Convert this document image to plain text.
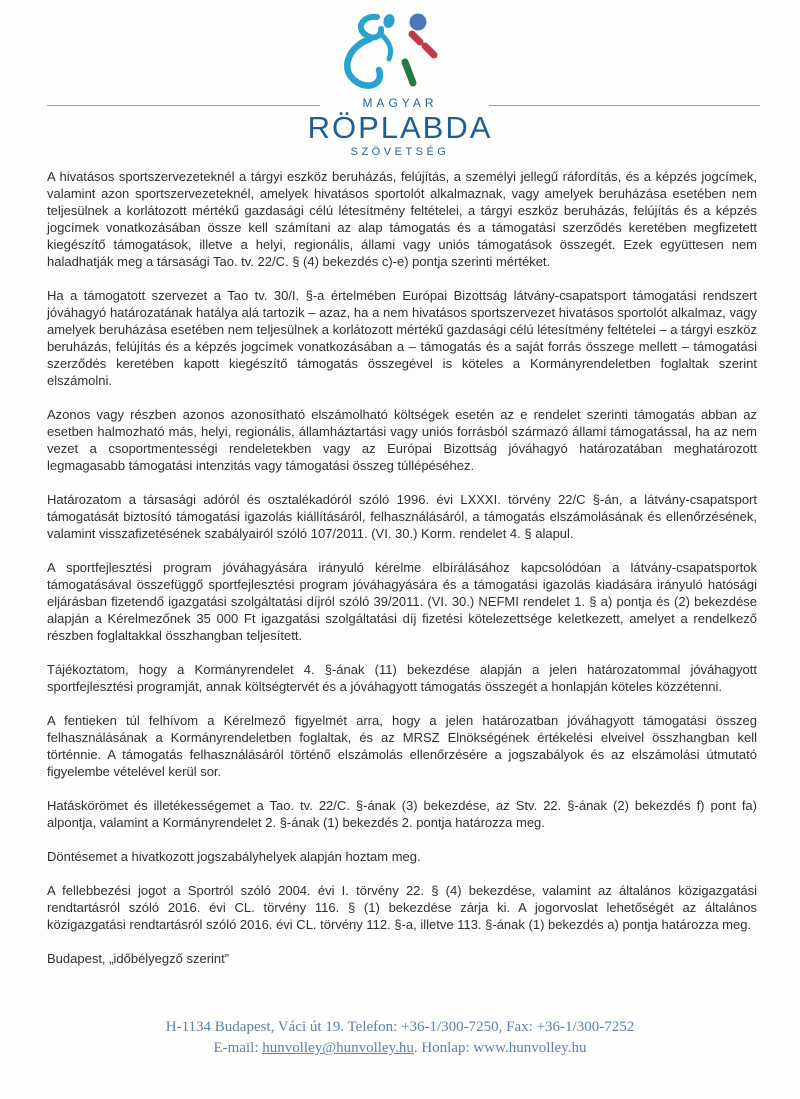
MAGYAR
RÖPLABDA
SZÖVETSÉG

A hivatásos sportszervezeteknél a tárgyi eszköz beruházás, felújítás, a személyi jellegű ráfordítás, és a képzés jogcímek, valamint azon sportszervezeteknél, amelyek hivatásos sportolót alkalmaznak, vagy amelyek beruházása esetében nem teljesülnek a korlátozott mértékű gazdasági célú létesítmény feltételei, a tárgyi eszköz beruházás, felújítás és a képzés jogcímek vonatkozásában össze kell számítani az alap támogatás és a támogatási szerződés keretében megfizetett kiegészítő támogatások, illetve a helyi, regionális, állami vagy uniós támogatások összegét. Ezek együttesen nem haladhatják meg a társasági Tao. tv. 22/C. § (4) bekezdés c)-e) pontja szerinti mértéket.

Ha a támogatott szervezet a Tao tv. 30/I. §-a értelmében Európai Bizottság látvány-csapatsport támogatási rendszert jóváhagyó határozatának hatálya alá tartozik – azaz, ha a nem hivatásos sportszervezet hivatásos sportolót alkalmaz, vagy amelyek beruházása esetében nem teljesülnek a korlátozott mértékű gazdasági célú létesítmény feltételei – a tárgyi eszköz beruházás, felújítás és a képzés jogcímek vonatkozásában a – támogatás és a saját forrás összege mellett – támogatási szerződés keretében kapott kiegészítő támogatás összegével is köteles a Kormányrendeletben foglaltak szerint elszámolni.

Azonos vagy részben azonos azonosítható elszámolható költségek esetén az e rendelet szerinti támogatás abban az esetben halmozható más, helyi, regionális, államháztartási vagy uniós forrásból származó állami támogatással, ha az nem vezet a csoportmentességi rendeletekben vagy az Európai Bizottság jóváhagyó határozatában meghatározott legmagasabb támogatási intenzitás vagy támogatási összeg túllépéséhez.

Határozatom a társasági adóról és osztalékadóról szóló 1996. évi LXXXI. törvény 22/C §-án, a látvány-csapatsport támogatását biztosító támogatási igazolás kiállításáról, felhasználásáról, a támogatás elszámolásának és ellenőrzésének, valamint visszafizetésének szabályairól szóló 107/2011. (VI. 30.) Korm. rendelet 4. § alapul.

A sportfejlesztési program jóváhagyására irányuló kérelme elbírálásához kapcsolódóan a látvány-csapatsportok támogatásával összefüggő sportfejlesztési program jóváhagyására és a támogatási igazolás kiadására irányuló hatósági eljárásban fizetendő igazgatási szolgáltatási díjról szóló 39/2011. (VI. 30.) NEFMI rendelet 1. § a) pontja és (2) bekezdése alapján a Kérelmezőnek 35 000 Ft igazgatási szolgáltatási díj fizetési kötelezettsége keletkezett, amelyet a rendelkező részben foglaltakkal összhangban teljesített.

Tájékoztatom, hogy a Kormányrendelet 4. §-ának (11) bekezdése alapján a jelen határozatommal jóváhagyott sportfejlesztési programját, annak költségtervét és a jóváhagyott támogatás összegét a honlapján köteles közzétenni.

A fentieken túl felhívom a Kérelmező figyelmét arra, hogy a jelen határozatban jóváhagyott támogatási összeg felhasználásának a Kormányrendeletben foglaltak, és az MRSZ Elnökségének értékelési elveivel összhangban kell történnie. A támogatás felhasználásáról történő elszámolás ellenőrzésére a jogszabályok és az elszámolási útmutató figyelembe vételével kerül sor.

Hatáskörömet és illetékességemet a Tao. tv. 22/C. §-ának (3) bekezdése, az Stv. 22. §-ának (2) bekezdés f) pont fa) alpontja, valamint a Kormányrendelet 2. §-ának (1) bekezdés 2. pontja határozza meg.

Döntésemet a hivatkozott jogszabályhelyek alapján hoztam meg.

A fellebbezési jogot a Sportról szóló 2004. évi I. törvény 22. § (4) bekezdése, valamint az általános közigazgatási rendtartásról szóló 2016. évi CL. törvény 116. § (1) bekezdése zárja ki. A jogorvoslat lehetőségét az általános közigazgatási rendtartásról szóló 2016. évi CL. törvény 112. §-a, illetve 113. §-ának (1) bekezdés a) pontja határozza meg.

Budapest, „időbélyegző szerint”

H-1134 Budapest, Váci út 19. Telefon: +36-1/300-7250, Fax: +36-1/300-7252
E-mail: hunvolley@hunvolley.hu. Honlap: www.hunvolley.hu
